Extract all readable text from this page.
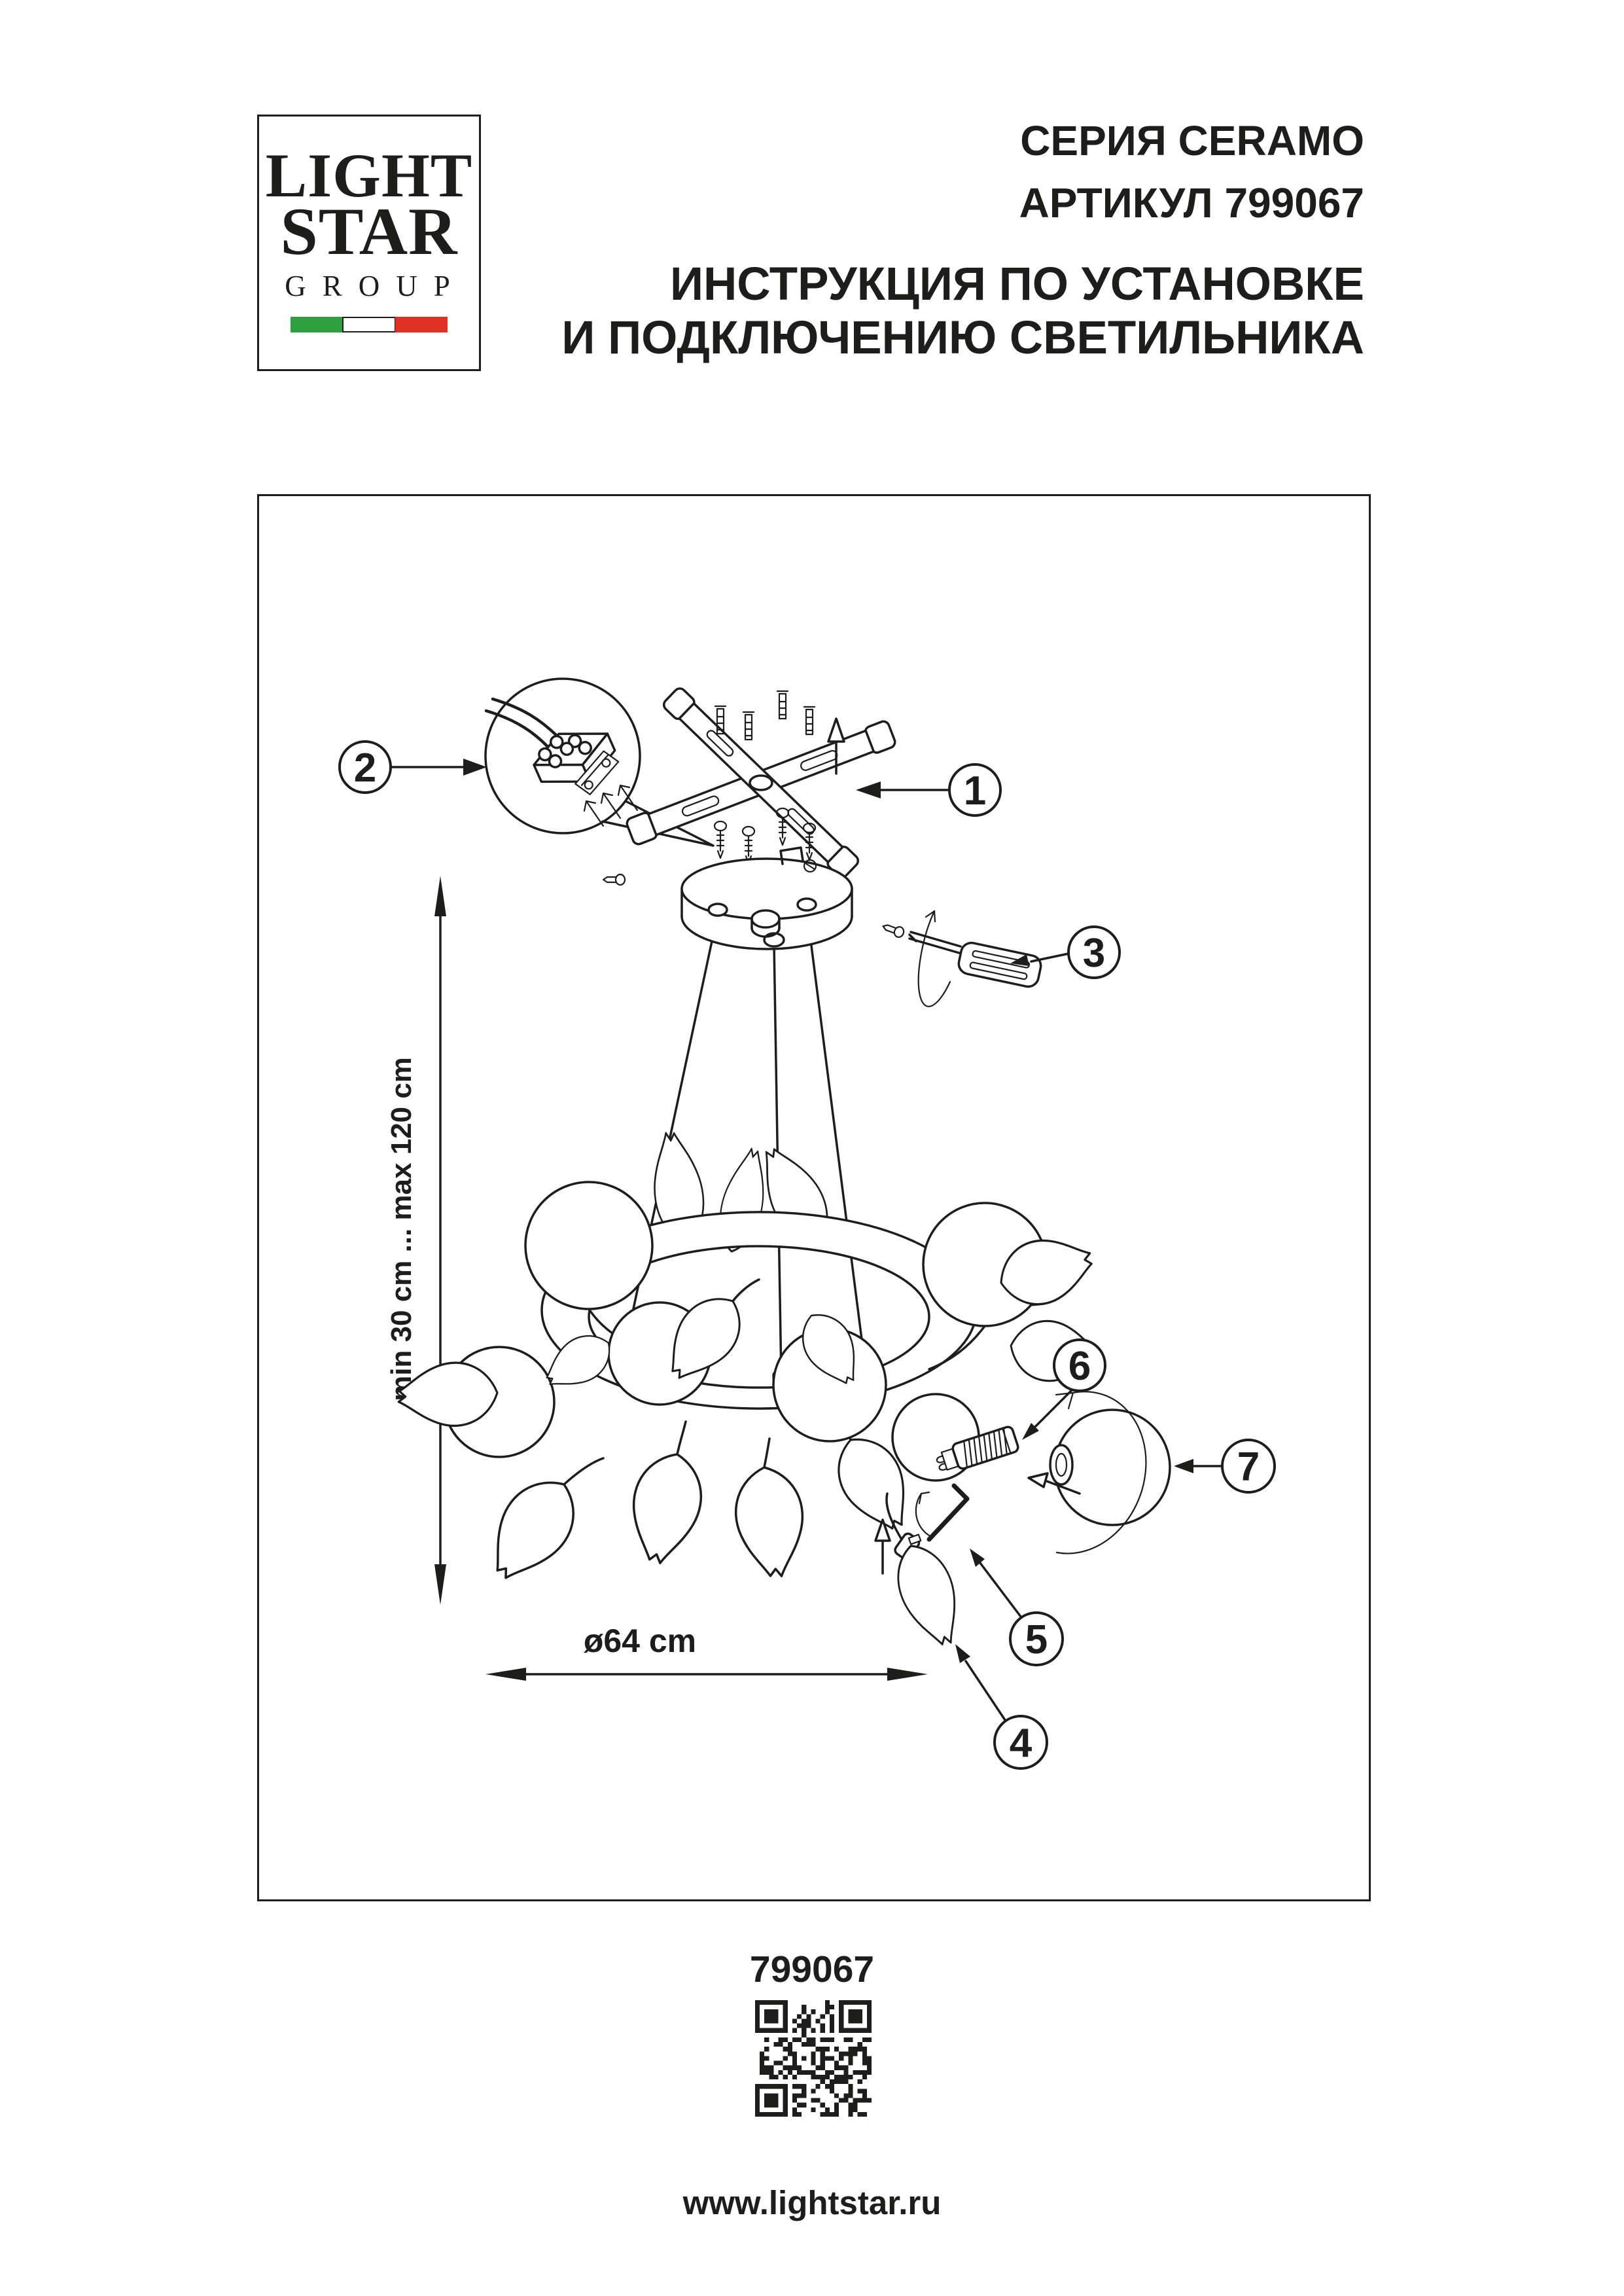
LIGHT
STAR
GROUP
СЕРИЯ CERAMO
АРТИКУЛ 799067
ИНСТРУКЦИЯ ПО УСТАНОВКЕ
И ПОДКЛЮЧЕНИЮ СВЕТИЛЬНИКА
2
1
3
min 30 cm ... max 120 cm	6
7
5
4
ø64 cm
799067
www.lightstar.ru
